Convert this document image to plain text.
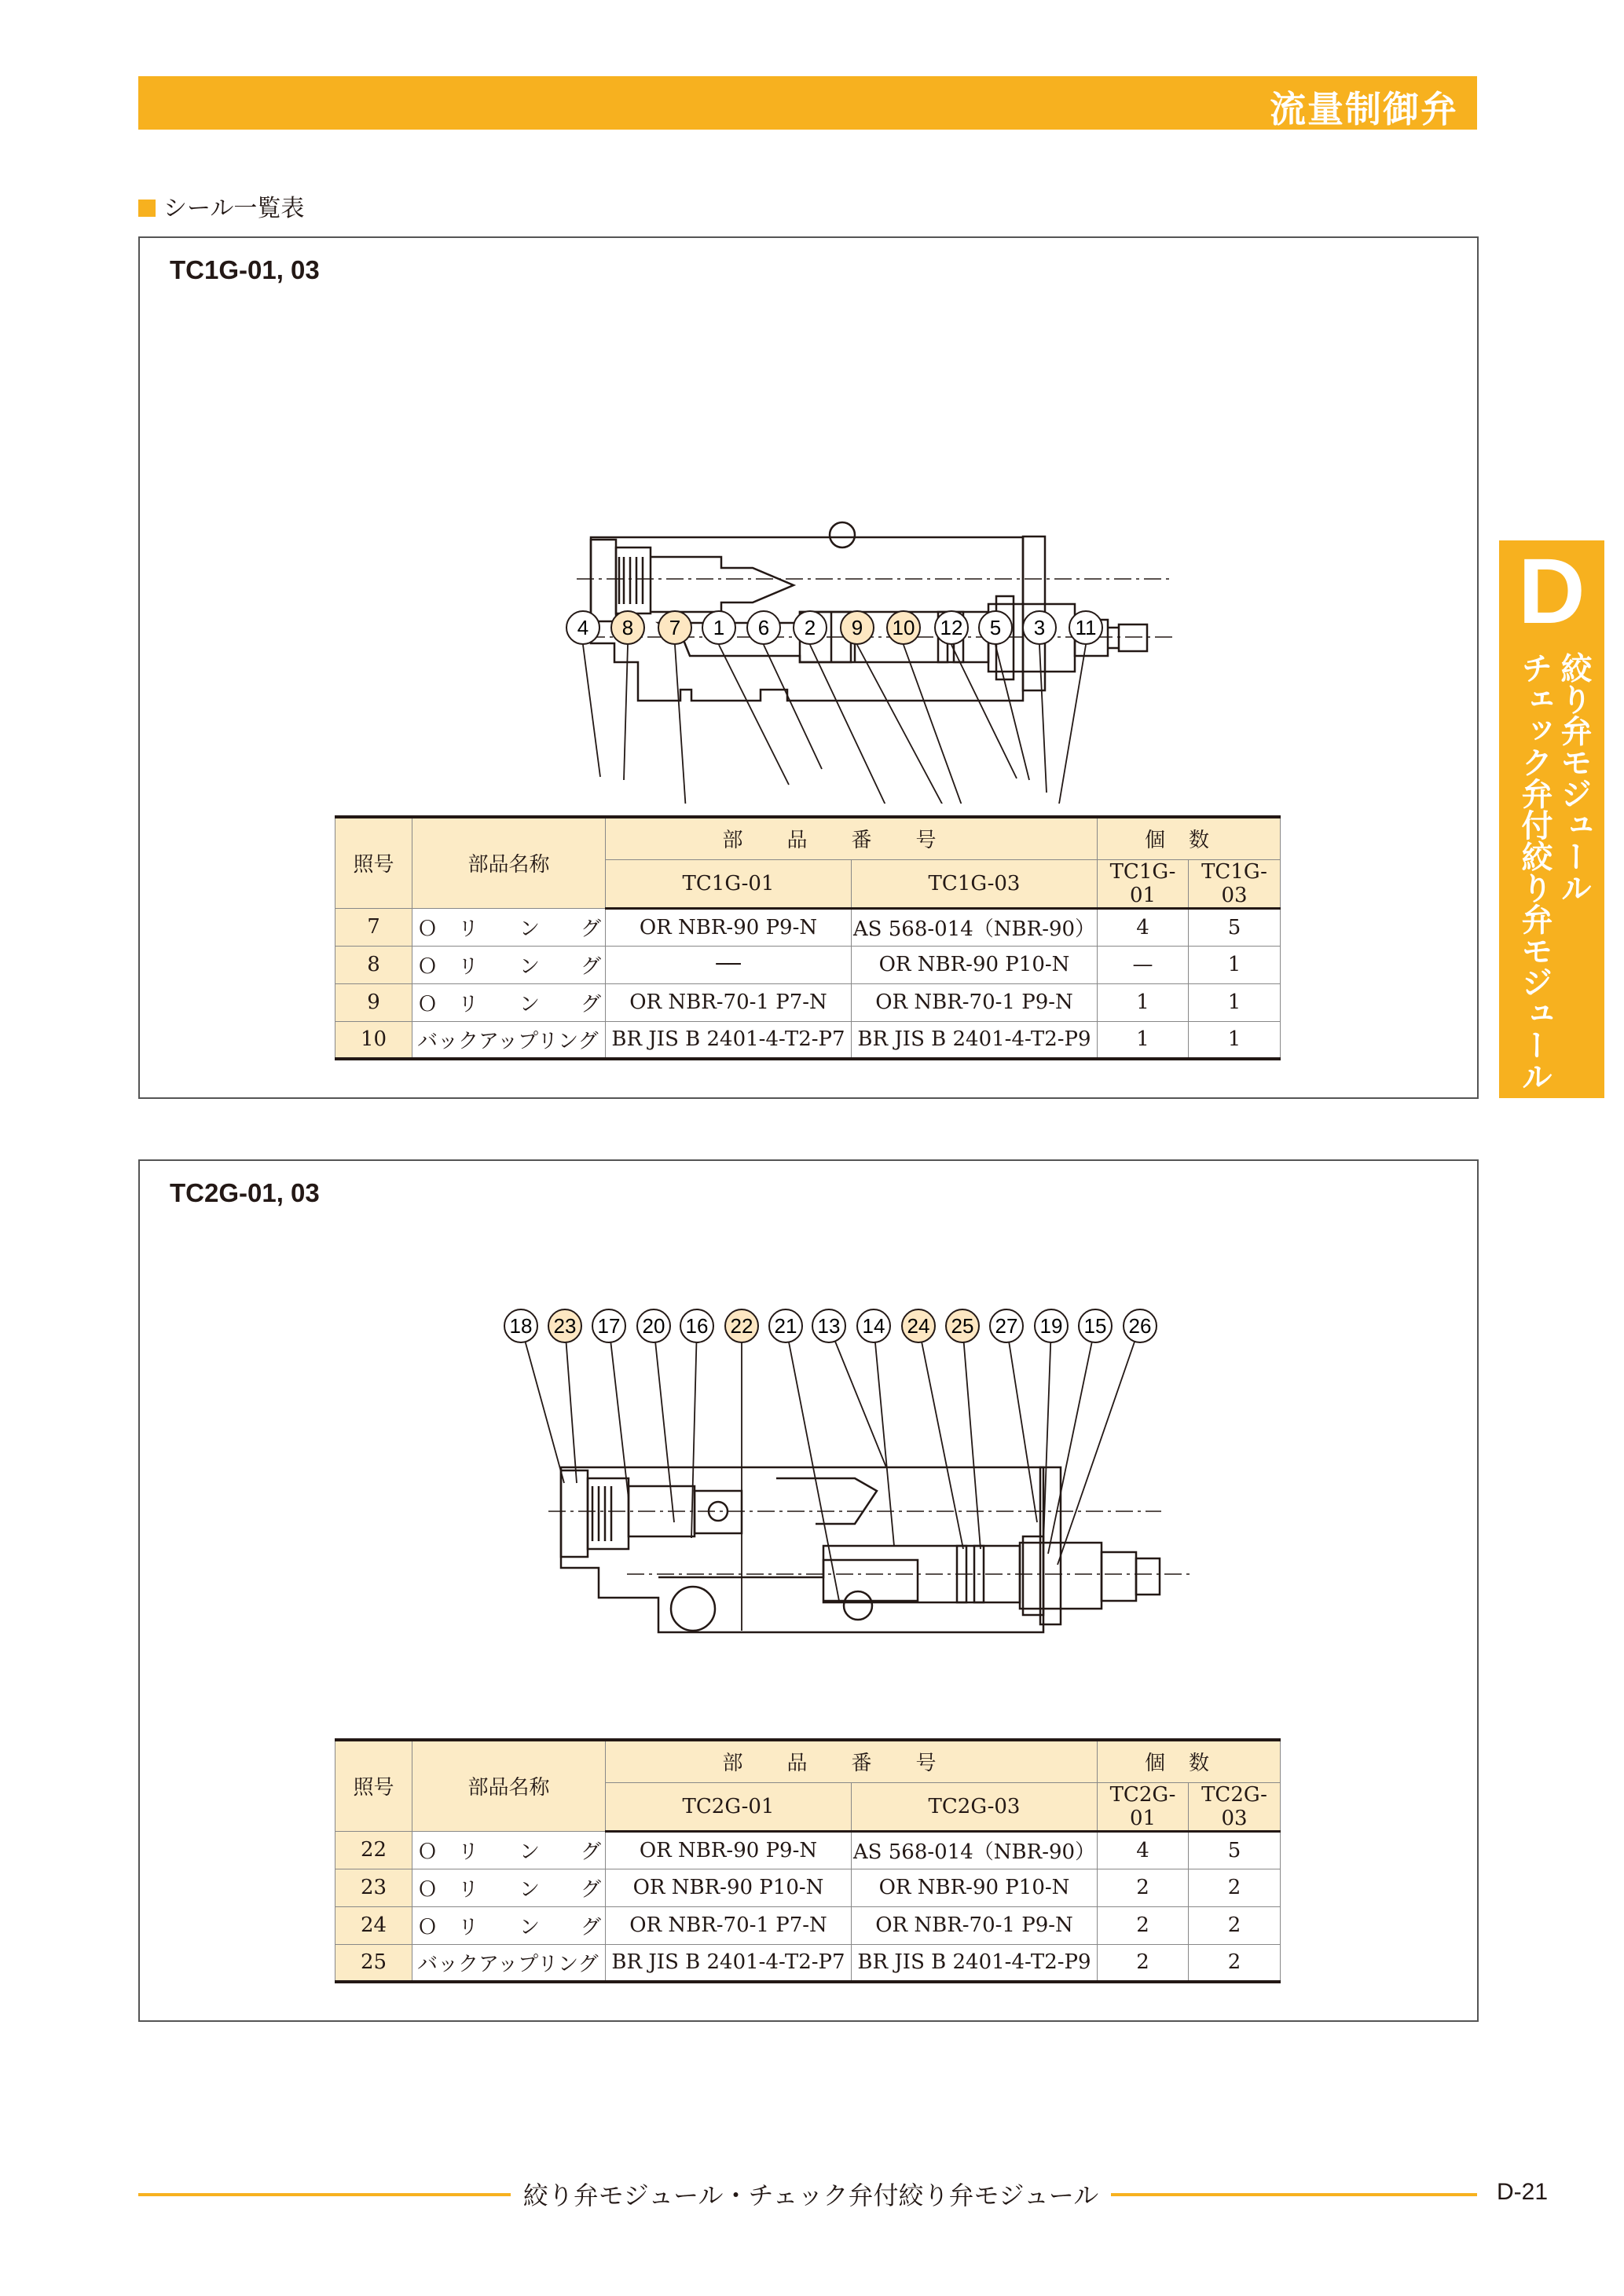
流量制御弁
シール一覧表
TC1G-01, 03
4 8 7 1 6 2 9 10 12 5 3 11
照号	部品名称	部品番号		個数	
		TC1G-01	TC1G-03	TC1G-01	TC1G-03
7	Ｏ　リ　　ン　　グ	OR NBR-90 P9-N	AS 568-014（NBR-90）	4	5
8	Ｏ　リ　　ン　　グ	──	OR NBR-90 P10-N	—	1
9	Ｏ　リ　　ン　　グ	OR NBR-70-1 P7-N	OR NBR-70-1 P9-N	1	1
10	バックアップリング	BR JIS B 2401-4-T2-P7	BR JIS B 2401-4-T2-P9	1	1
TC2G-01, 03
18 23 17 20 16 22 21 13 14 24 25 27 19 15 26
照号	部品名称	部品番号		個数	
		TC2G-01	TC2G-03	TC2G-01	TC2G-03
22	Ｏ　リ　　ン　　グ	OR NBR-90 P9-N	AS 568-014（NBR-90）	4	5
23	Ｏ　リ　　ン　　グ	OR NBR-90 P10-N	OR NBR-90 P10-N	2	2
24	Ｏ　リ　　ン　　グ	OR NBR-70-1 P7-N	OR NBR-70-1 P9-N	2	2
25	バックアップリング	BR JIS B 2401-4-T2-P7	BR JIS B 2401-4-T2-P9	2	2
D
絞り弁モジュール
チェック弁付絞り弁モジュール
絞り弁モジュール・チェック弁付絞り弁モジュール	D-21
